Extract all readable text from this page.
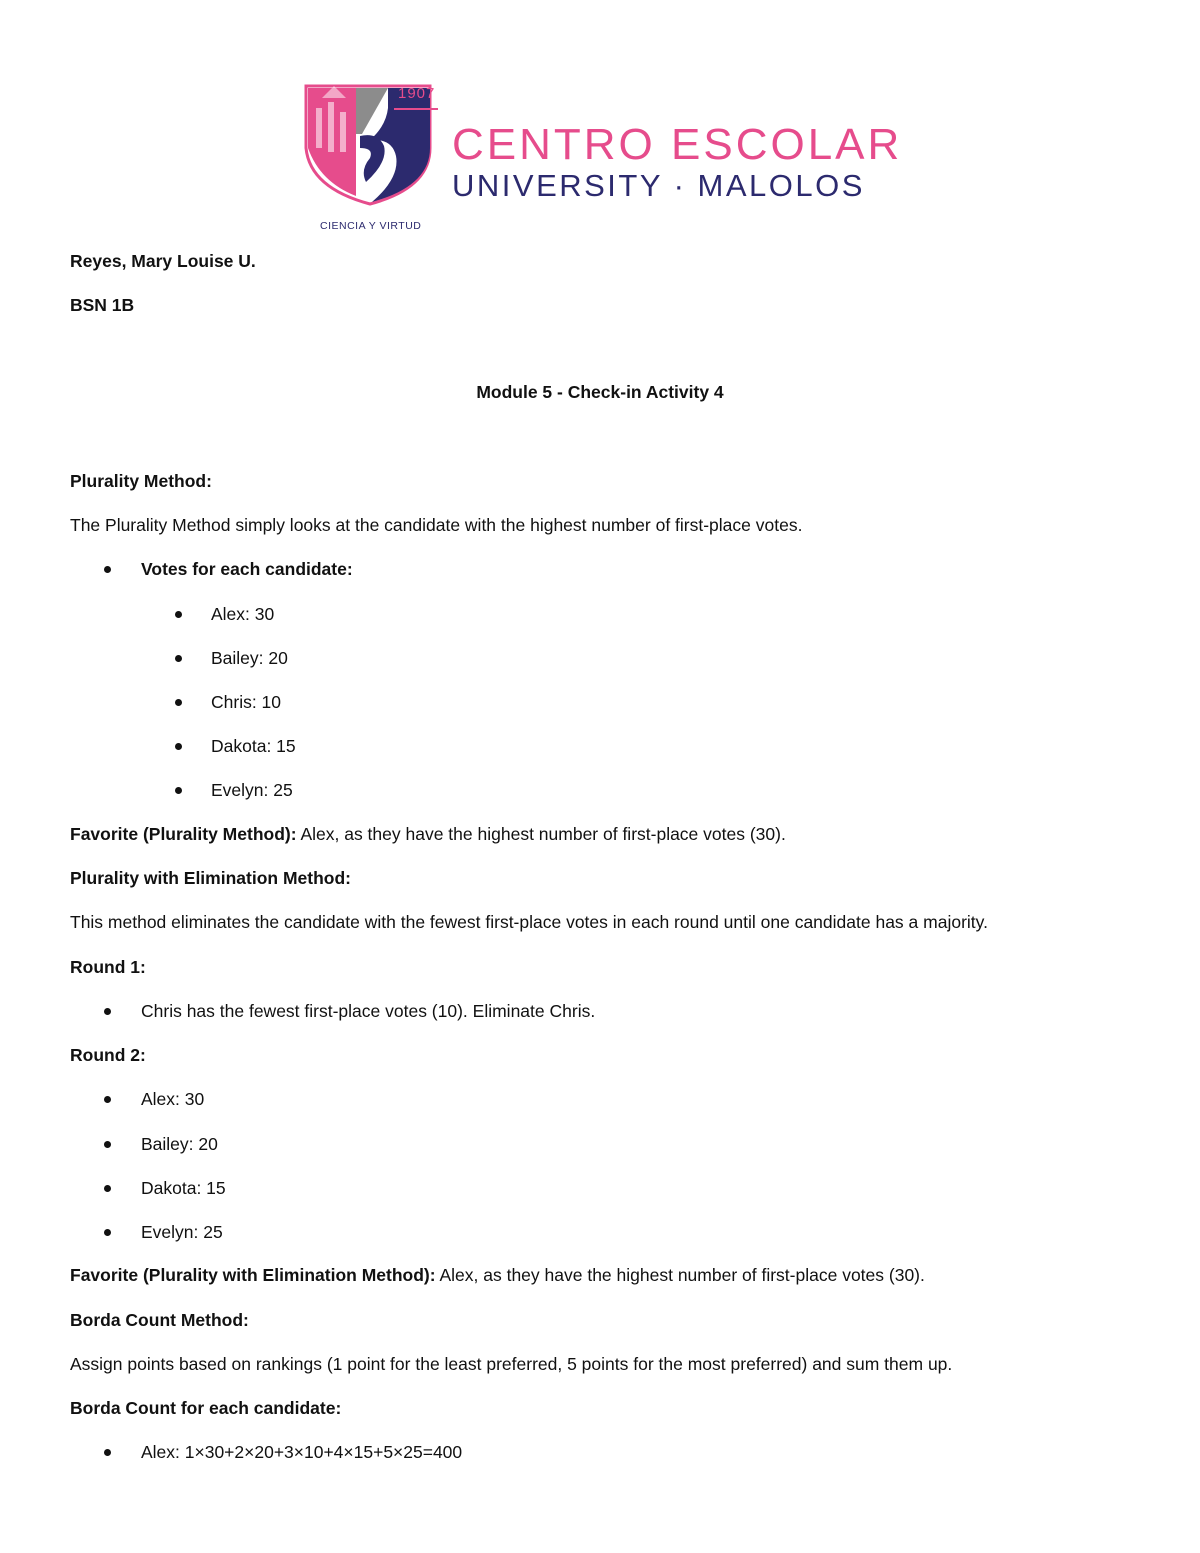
1907
CENTRO ESCOLAR
UNIVERSITY · MALOLOS
CIENCIA Y VIRTUD
Reyes, Mary Louise U.
BSN 1B
Module 5 - Check-in Activity 4
Plurality Method:
The Plurality Method simply looks at the candidate with the highest number of first-place votes.
Votes for each candidate:
Alex: 30
Bailey: 20
Chris: 10
Dakota: 15
Evelyn: 25
Favorite (Plurality Method): Alex, as they have the highest number of first-place votes (30).
Plurality with Elimination Method:
This method eliminates the candidate with the fewest first-place votes in each round until one candidate has a majority.
Round 1:
Chris has the fewest first-place votes (10). Eliminate Chris.
Round 2:
Alex: 30
Bailey: 20
Dakota: 15
Evelyn: 25
Favorite (Plurality with Elimination Method): Alex, as they have the highest number of first-place votes (30).
Borda Count Method:
Assign points based on rankings (1 point for the least preferred, 5 points for the most preferred) and sum them up.
Borda Count for each candidate:
Alex: 1×30+2×20+3×10+4×15+5×25=400
